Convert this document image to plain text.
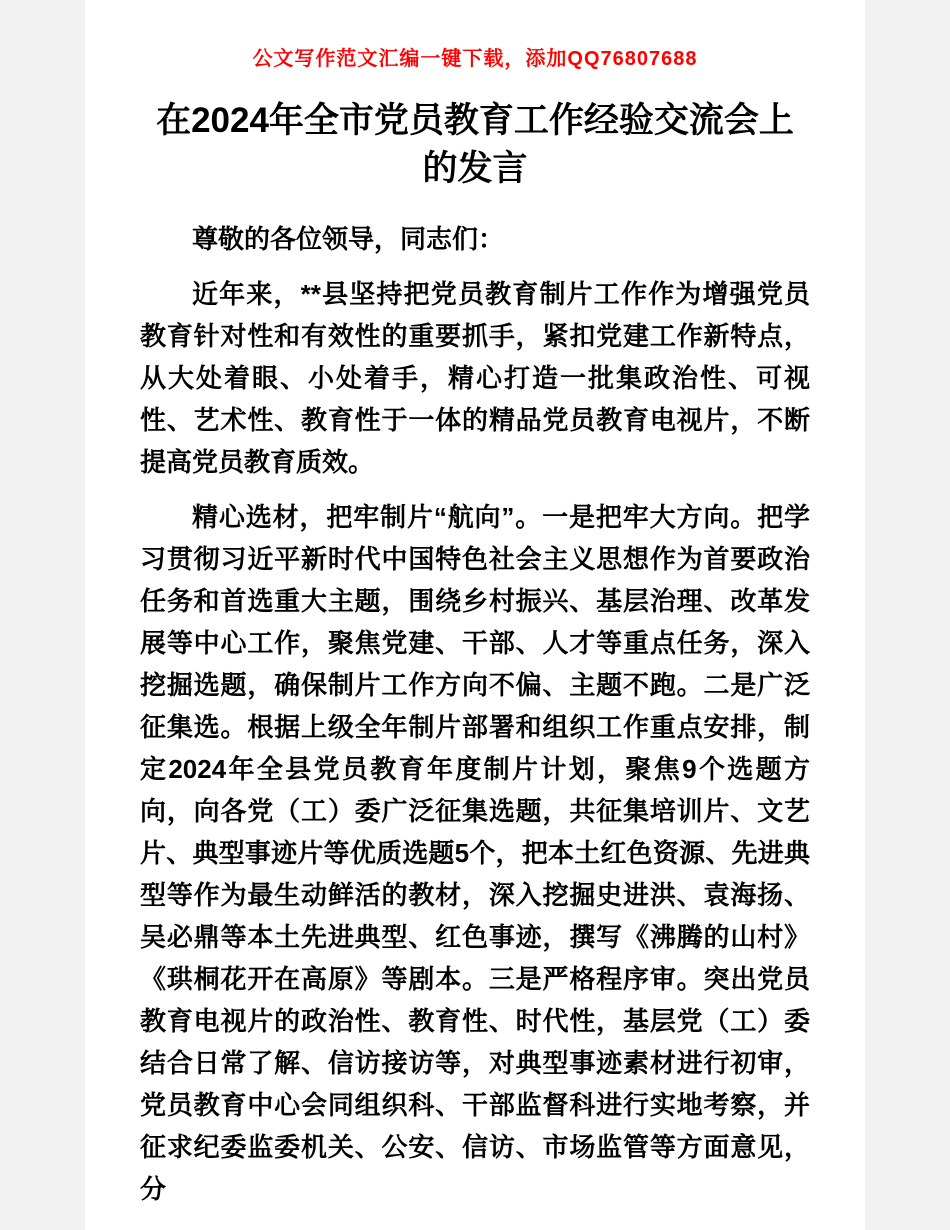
公文写作范文汇编一键下载，添加QQ76807688
在2024年全市党员教育工作经验交流会上的发言

尊敬的各位领导，同志们：

近年来，**县坚持把党员教育制片工作作为增强党员教育针对性和有效性的重要抓手，紧扣党建工作新特点，从大处着眼、小处着手，精心打造一批集政治性、可视性、艺术性、教育性于一体的精品党员教育电视片，不断提高党员教育质效。

精心选材，把牢制片“航向”。一是把牢大方向。把学习贯彻习近平新时代中国特色社会主义思想作为首要政治任务和首选重大主题，围绕乡村振兴、基层治理、改革发展等中心工作，聚焦党建、干部、人才等重点任务，深入挖掘选题，确保制片工作方向不偏、主题不跑。二是广泛征集选。根据上级全年制片部署和组织工作重点安排，制定2024年全县党员教育年度制片计划，聚焦9个选题方向，向各党（工）委广泛征集选题，共征集培训片、文艺片、典型事迹片等优质选题5个，把本土红色资源、先进典型等作为最生动鲜活的教材，深入挖掘史进洪、袁海扬、吴必鼎等本土先进典型、红色事迹，撰写《沸腾的山村》《珙桐花开在高原》等剧本。三是严格程序审。突出党员教育电视片的政治性、教育性、时代性，基层党（工）委结合日常了解、信访接访等，对典型事迹素材进行初审，党员教育中心会同组织科、干部监督科进行实地考察，并征求纪委监委机关、公安、信访、市场监管等方面意见，分
